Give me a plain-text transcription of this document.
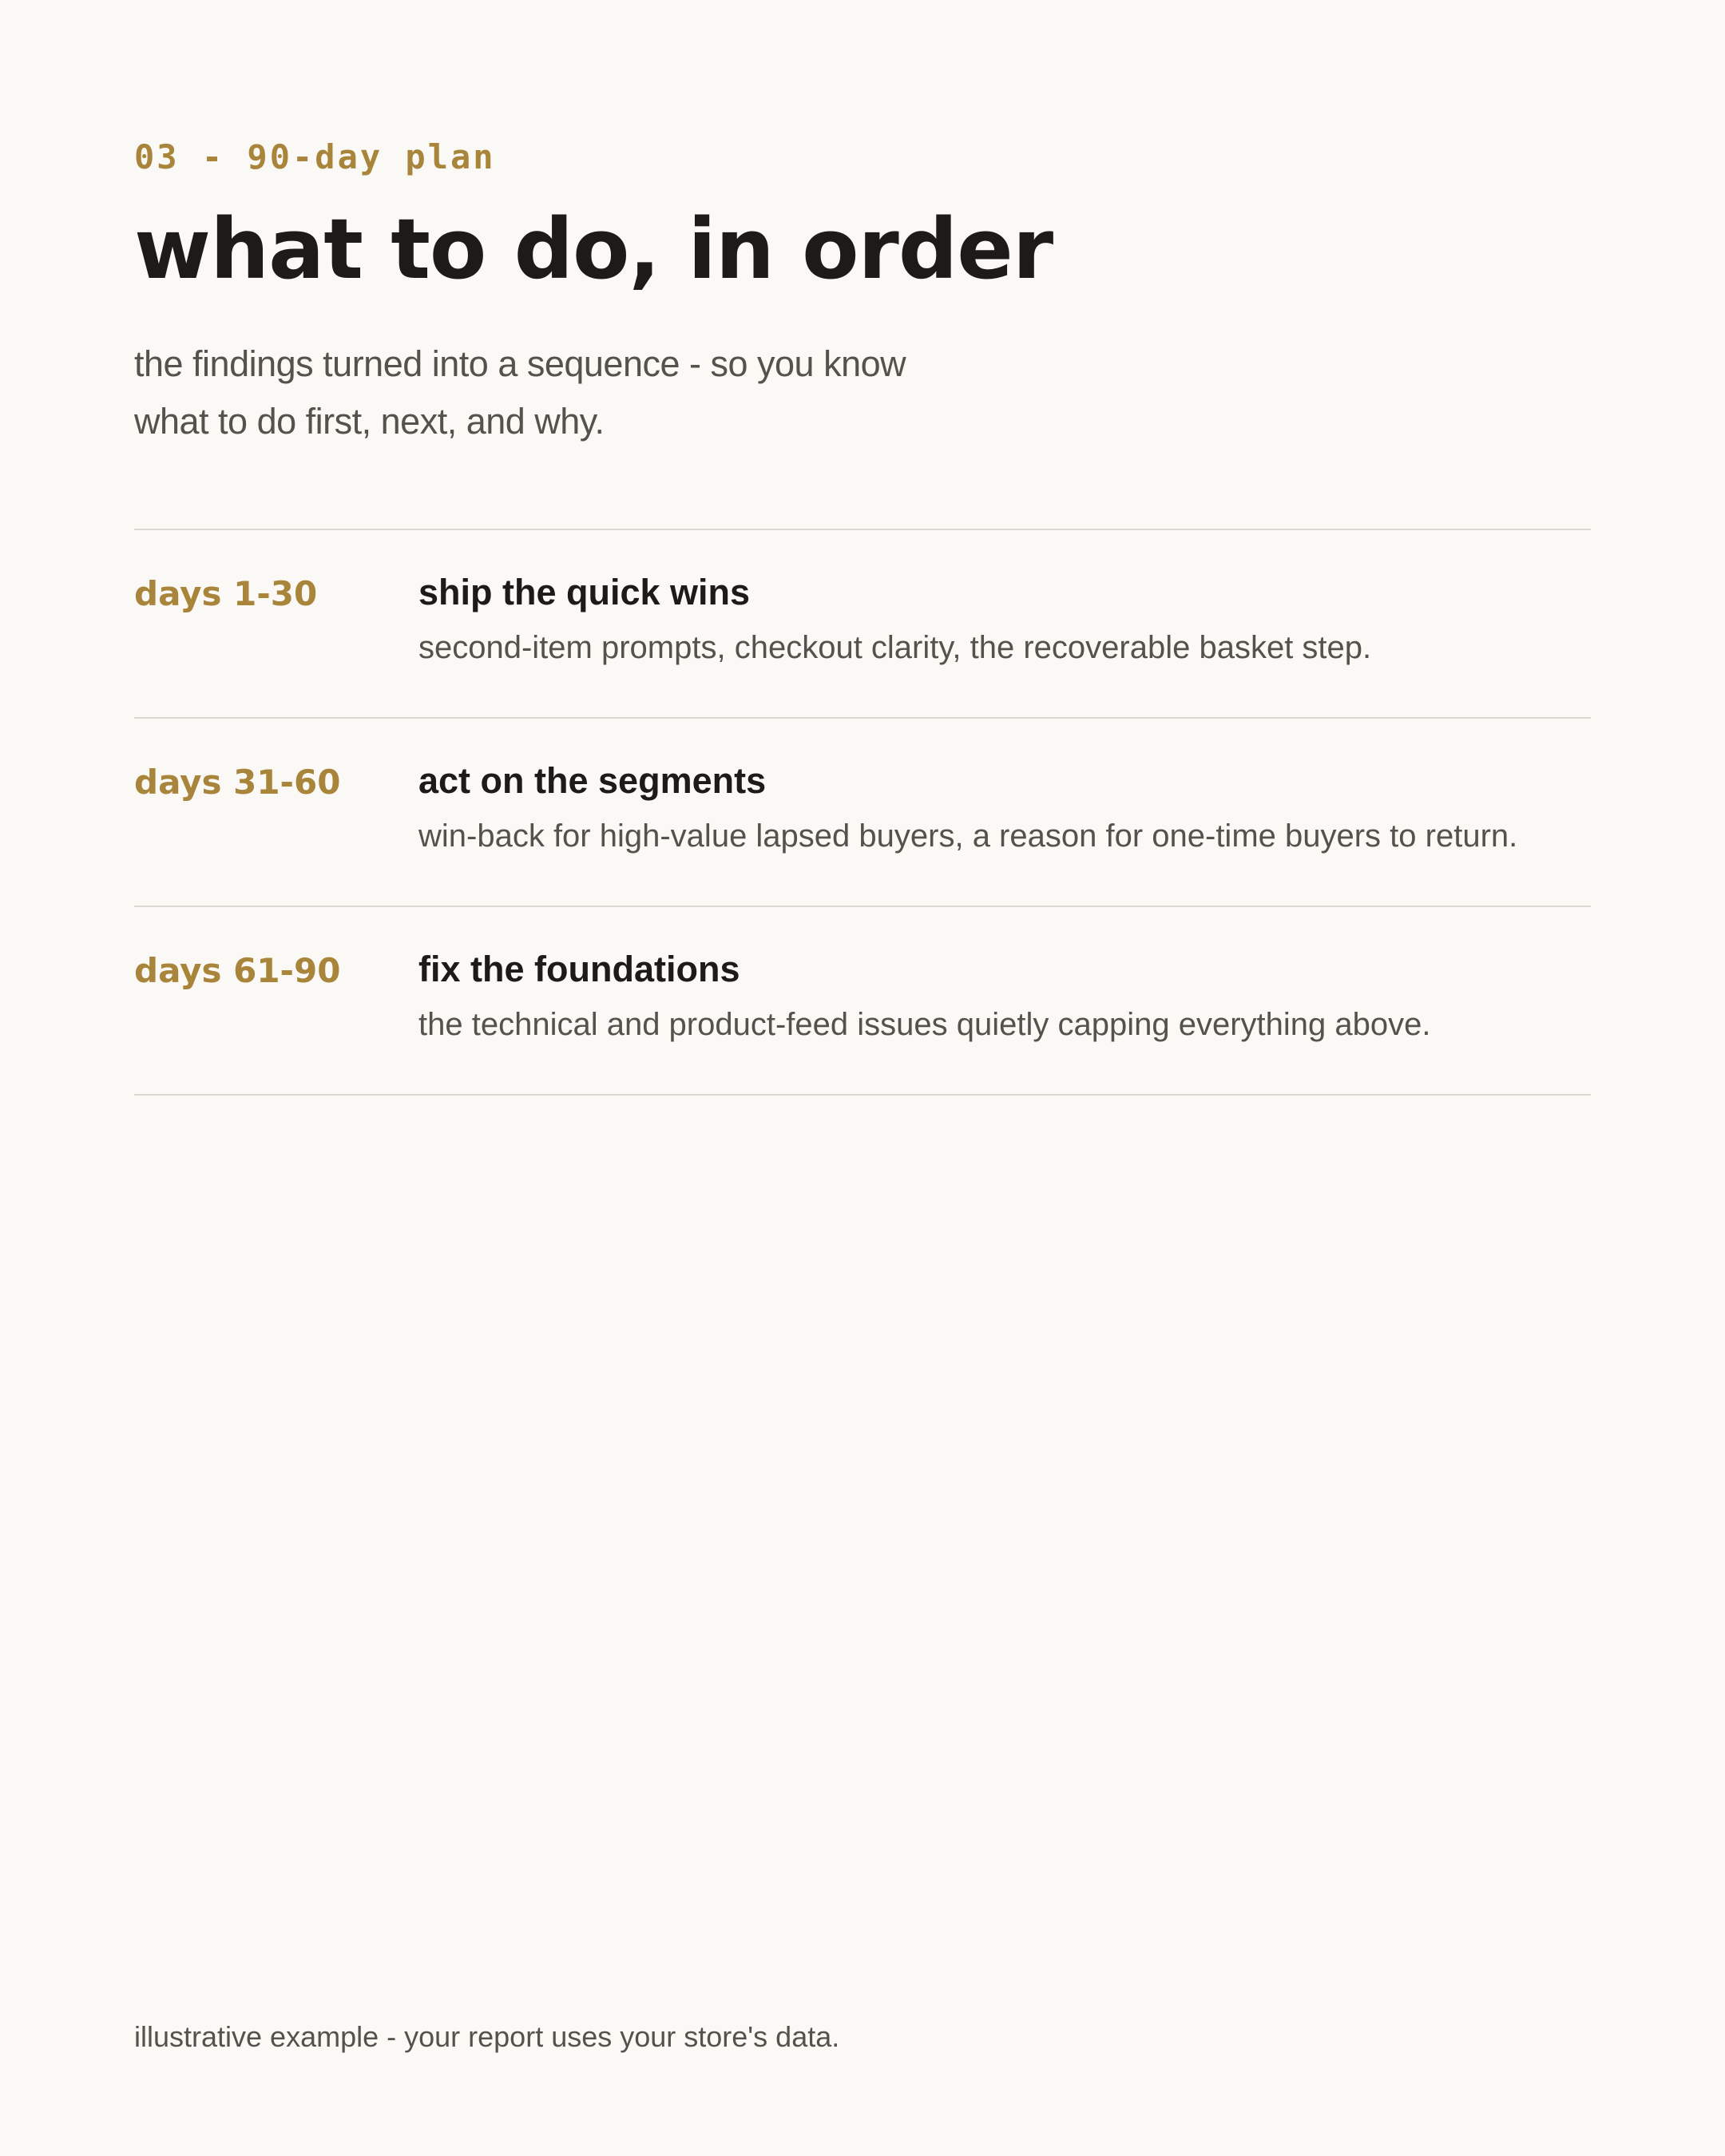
03 - 90-day plan
what to do, in order

the findings turned into a sequence - so you know
what to do first, next, and why.

days 1-30	ship the quick wins
second-item prompts, checkout clarity, the recoverable basket step.
days 31-60 act on the segments
win-back for high-value lapsed buyers, a reason for one-time buyers to return.
days 61-90 fix the foundations
the technical and product-feed issues quietly capping everything above.
illustrative example - your report uses your store's data.
